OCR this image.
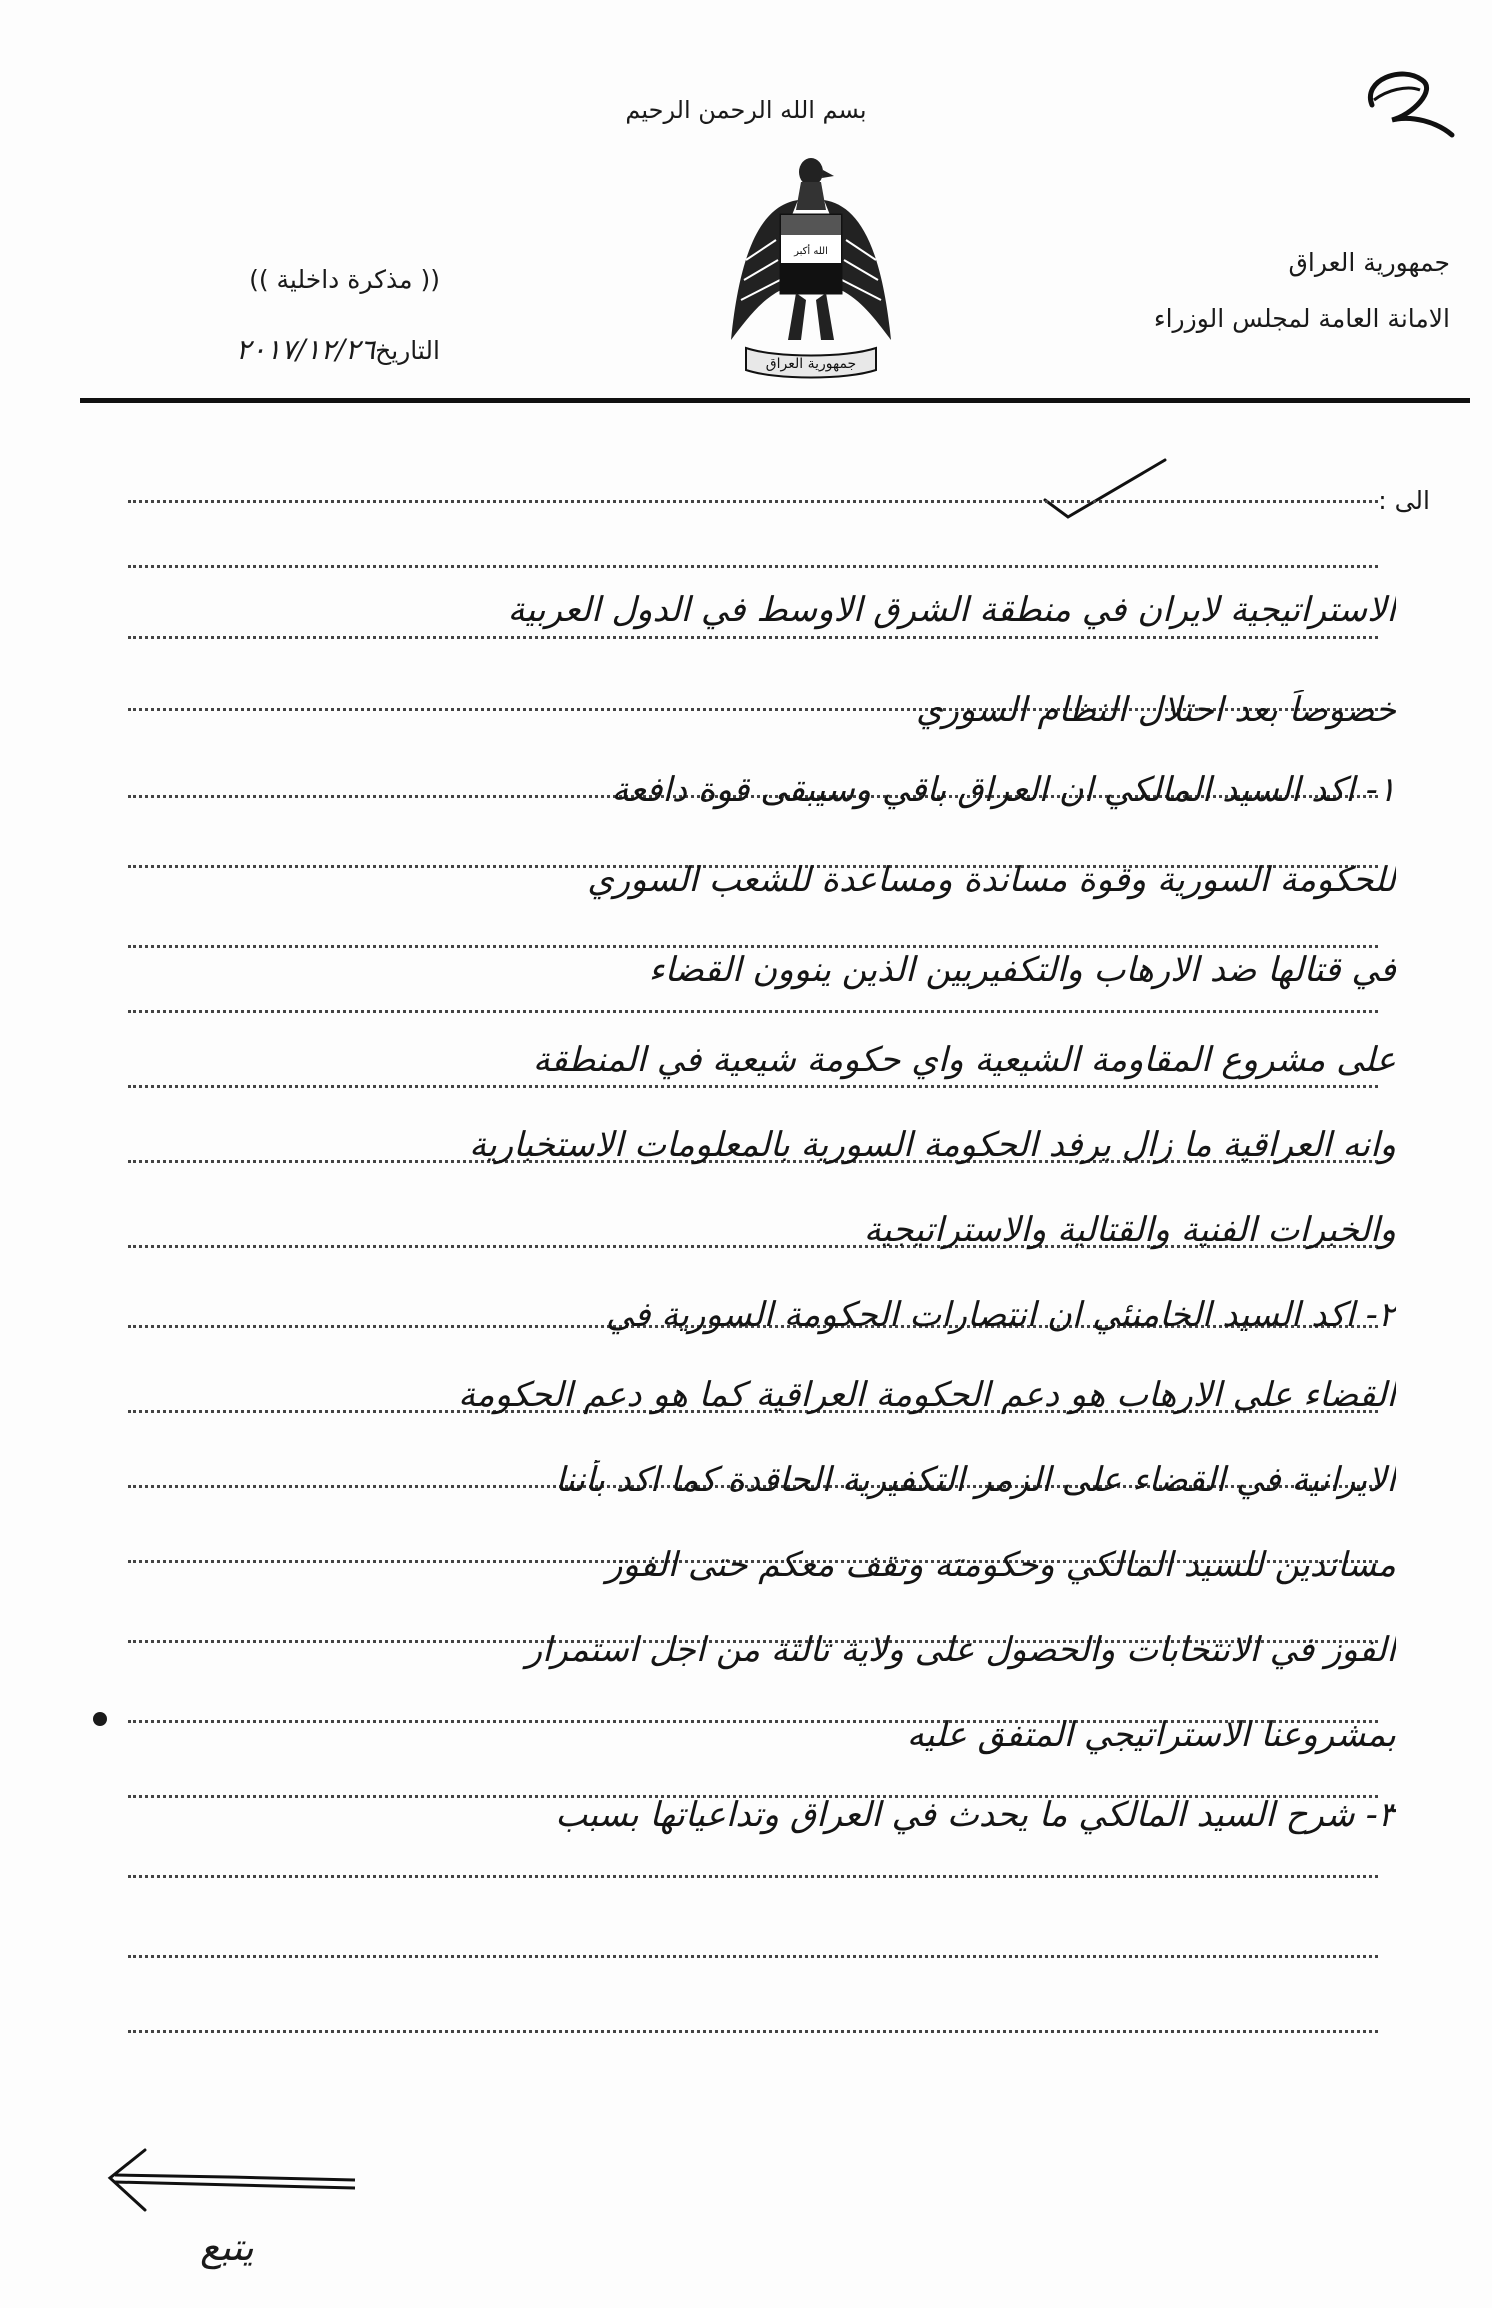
بسم الله الرحمن الرحيم
الله أكبر
جمهورية العراق
جمهورية العراق
الامانة العامة لمجلس الوزراء
(( مذكرة داخلية ))
التاريخ٢٠١٧/١٢/٢٦
الى :
الاستراتيجية لايران في منطقة الشرق الاوسط في الدول العربية
خصوصاً بعد احتلال النظام السوري
١- اكد السيد المالكي ان العراق باقي وسيبقى قوة دافعة
للحكومة السورية وقوة مساندة ومساعدة للشعب السوري
في قتالها ضد الارهاب والتكفيريين الذين ينوون القضاء
على مشروع المقاومة الشيعية واي حكومة شيعية في المنطقة
وانه العراقية ما زال يرفد الحكومة السورية بالمعلومات الاستخبارية
والخبرات الفنية والقتالية والاستراتيجية
٢- اكد السيد الخامنئي ان انتصارات الحكومة السورية في
القضاء على الارهاب هو دعم الحكومة العراقية كما هو دعم الحكومة
الايرانية في القضاء على الزمر التكفيرية الحاقدة كما اكد بأننا
مساندين للسيد المالكي وحكومته ونقف معكم حتى الفوز
الفوز في الانتخابات والحصول على ولاية ثالثة من اجل استمرار
بمشروعنا الاستراتيجي المتفق عليه
٣- شرح السيد المالكي ما يحدث في العراق وتداعياتها بسبب
يتبع
